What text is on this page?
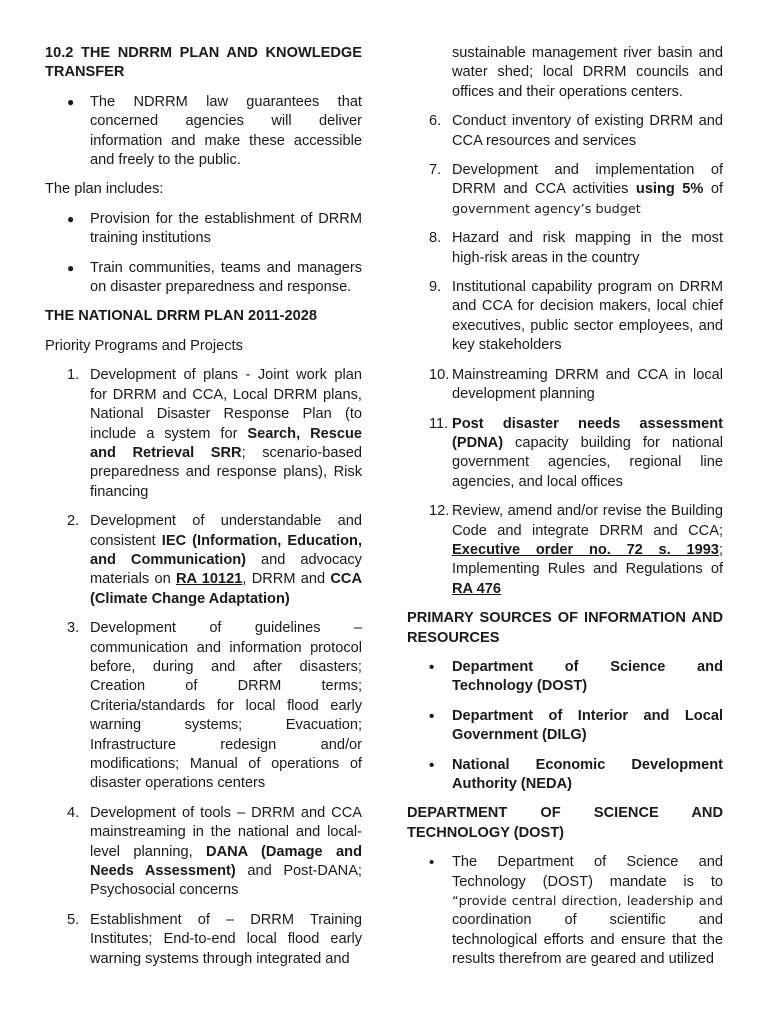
10.2 THE NDRRM PLAN AND KNOWLEDGE TRANSFER
● The NDRRM law guarantees that concerned agencies will deliver information and make these accessible and freely to the public.
The plan includes:
● Provision for the establishment of DRRM training institutions
● Train communities, teams and managers on disaster preparedness and response.
THE NATIONAL DRRM PLAN 2011-2028
Priority Programs and Projects
1. Development of plans - Joint work plan for DRRM and CCA, Local DRRM plans, National Disaster Response Plan (to include a system for Search, Rescue and Retrieval SRR; scenario-based preparedness and response plans), Risk financing
2. Development of understandable and consistent IEC (Information, Education, and Communication) and advocacy materials on RA 10121, DRRM and CCA (Climate Change Adaptation)
3. Development of guidelines – communication and information protocol before, during and after disasters; Creation of DRRM terms; Criteria/standards for local flood early warning systems; Evacuation; Infrastructure redesign and/or modifications; Manual of operations of disaster operations centers
4. Development of tools – DRRM and CCA mainstreaming in the national and local-level planning, DANA (Damage and Needs Assessment) and Post-DANA; Psychosocial concerns
5. Establishment of – DRRM Training Institutes; End-to-end local flood early warning systems through integrated and
sustainable management river basin and water shed; local DRRM councils and offices and their operations centers.
6. Conduct inventory of existing DRRM and CCA resources and services
7. Development and implementation of DRRM and CCA activities using 5% of government agency’s budget
8. Hazard and risk mapping in the most high-risk areas in the country
9. Institutional capability program on DRRM and CCA for decision makers, local chief executives, public sector employees, and key stakeholders
10. Mainstreaming DRRM and CCA in local development planning
11. Post disaster needs assessment (PDNA) capacity building for national government agencies, regional line agencies, and local offices
12. Review, amend and/or revise the Building Code and integrate DRRM and CCA; Executive order no. 72 s. 1993; Implementing Rules and Regulations of RA 476
PRIMARY SOURCES OF INFORMATION AND RESOURCES
• Department of Science and Technology (DOST)
• Department of Interior and Local Government (DILG)
• National Economic Development Authority (NEDA)
DEPARTMENT OF SCIENCE AND TECHNOLOGY (DOST)
• The Department of Science and Technology (DOST) mandate is to “provide central direction, leadership and coordination of scientific and technological efforts and ensure that the results therefrom are geared and utilized
